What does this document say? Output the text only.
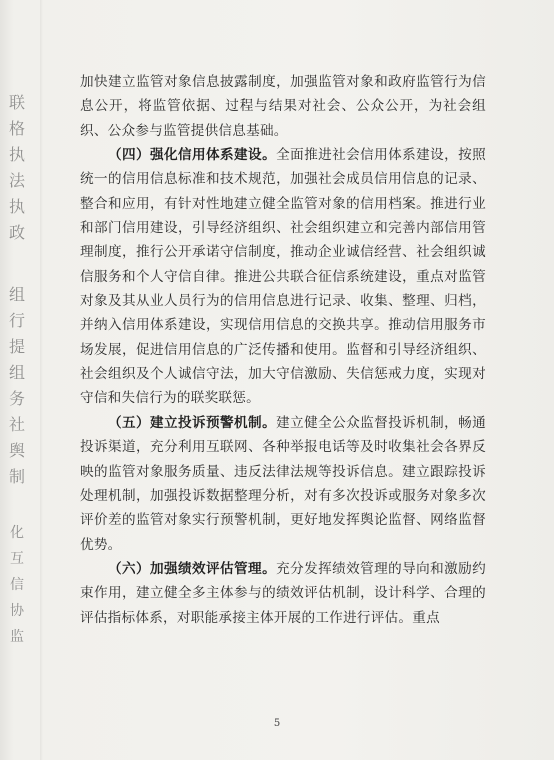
联格执法执政
组行提组务社舆制
化互信协监

加快建立监管对象信息披露制度，加强监管对象和政府监管行为信息公开，将监管依据、过程与结果对社会、公众公开，为社会组织、公众参与监管提供信息基础。

（四）强化信用体系建设。全面推进社会信用体系建设，按照统一的信用信息标准和技术规范，加强社会成员信用信息的记录、整合和应用，有针对性地建立健全监管对象的信用档案。推进行业和部门信用建设，引导经济组织、社会组织建立和完善内部信用管理制度，推行公开承诺守信制度，推动企业诚信经营、社会组织诚信服务和个人守信自律。推进公共联合征信系统建设，重点对监管对象及其从业人员行为的信用信息进行记录、收集、整理、归档，并纳入信用体系建设，实现信用信息的交换共享。推动信用服务市场发展，促进信用信息的广泛传播和使用。监督和引导经济组织、社会组织及个人诚信守法，加大守信激励、失信惩戒力度，实现对守信和失信行为的联奖联惩。

（五）建立投诉预警机制。建立健全公众监督投诉机制，畅通投诉渠道，充分利用互联网、各种举报电话等及时收集社会各界反映的监管对象服务质量、违反法律法规等投诉信息。建立跟踪投诉处理机制，加强投诉数据整理分析，对有多次投诉或服务对象多次评价差的监管对象实行预警机制，更好地发挥舆论监督、网络监督优势。

（六）加强绩效评估管理。充分发挥绩效管理的导向和激励约束作用，建立健全多主体参与的绩效评估机制，设计科学、合理的评估指标体系，对职能承接主体开展的工作进行评估。重点

5
